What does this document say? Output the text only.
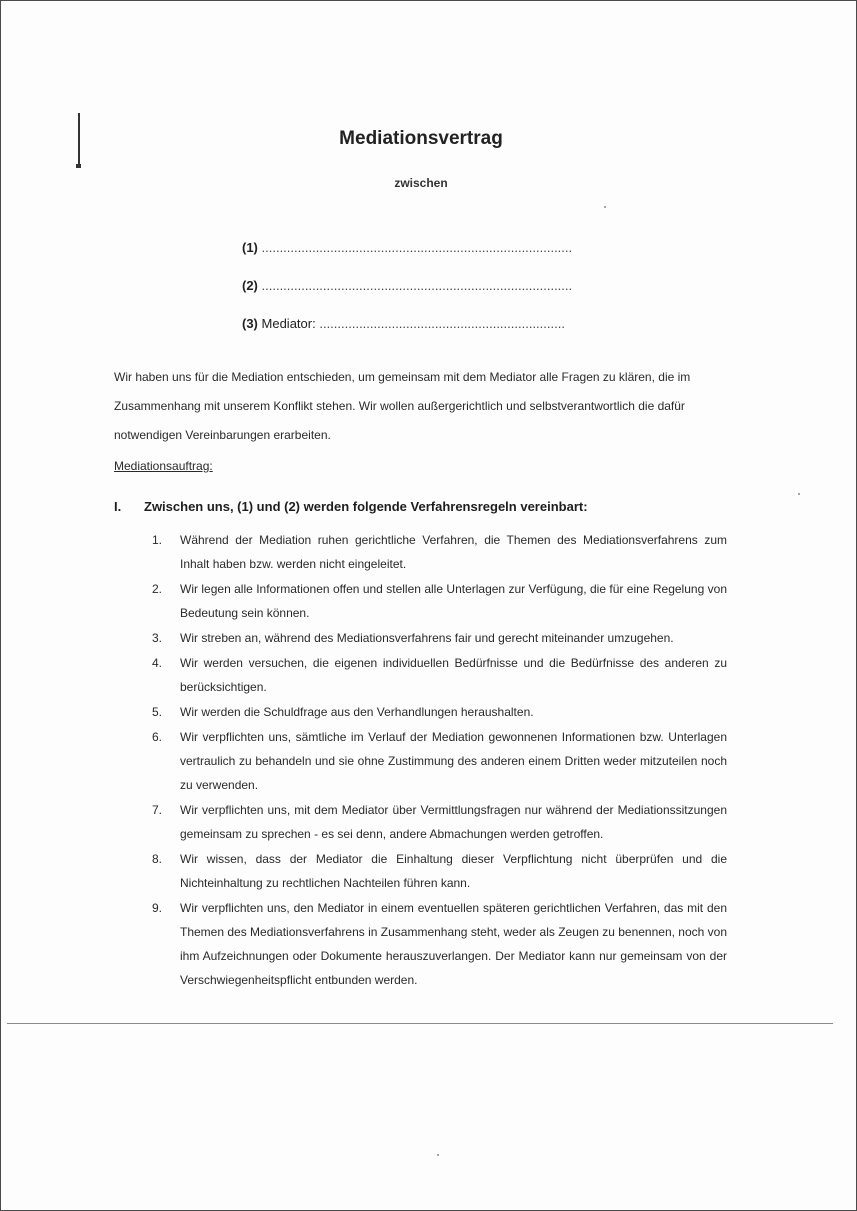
Mediationsvertrag
zwischen
(1) ......................................................................................
(2) ......................................................................................
(3) Mediator: ....................................................................
Wir haben uns für die Mediation entschieden, um gemeinsam mit dem Mediator alle Fragen zu klären, die im Zusammenhang mit unserem Konflikt stehen. Wir wollen außergerichtlich und selbstverantwortlich die dafür notwendigen Vereinbarungen erarbeiten.
Mediationsauftrag:
I. Zwischen uns, (1) und (2) werden folgende Verfahrensregeln vereinbart:
1.	Während der Mediation ruhen gerichtliche Verfahren, die Themen des Mediationsverfahrens zum Inhalt haben bzw. werden nicht eingeleitet.
2.	Wir legen alle Informationen offen und stellen alle Unterlagen zur Verfügung, die für eine Regelung von Bedeutung sein können.
3.	Wir streben an, während des Mediationsverfahrens fair und gerecht miteinander umzugehen.
4.	Wir werden versuchen, die eigenen individuellen Bedürfnisse und die Bedürfnisse des anderen zu berücksichtigen.
5.	Wir werden die Schuldfrage aus den Verhandlungen heraushalten.
6.	Wir verpflichten uns, sämtliche im Verlauf der Mediation gewonnenen Informationen bzw. Unterlagen vertraulich zu behandeln und sie ohne Zustimmung des anderen einem Dritten weder mitzuteilen noch zu verwenden.
7.	Wir verpflichten uns, mit dem Mediator über Vermittlungsfragen nur während der Mediationssitzungen gemeinsam zu sprechen - es sei denn, andere Abmachungen werden getroffen.
8.	Wir wissen, dass der Mediator die Einhaltung dieser Verpflichtung nicht überprüfen und die Nichteinhaltung zu rechtlichen Nachteilen führen kann.
9.	Wir verpflichten uns, den Mediator in einem eventuellen späteren gerichtlichen Verfahren, das mit den Themen des Mediationsverfahrens in Zusammenhang steht, weder als Zeugen zu benennen, noch von ihm Aufzeichnungen oder Dokumente herauszuverlangen. Der Mediator kann nur gemeinsam von der Verschwiegenheitspflicht entbunden werden.
